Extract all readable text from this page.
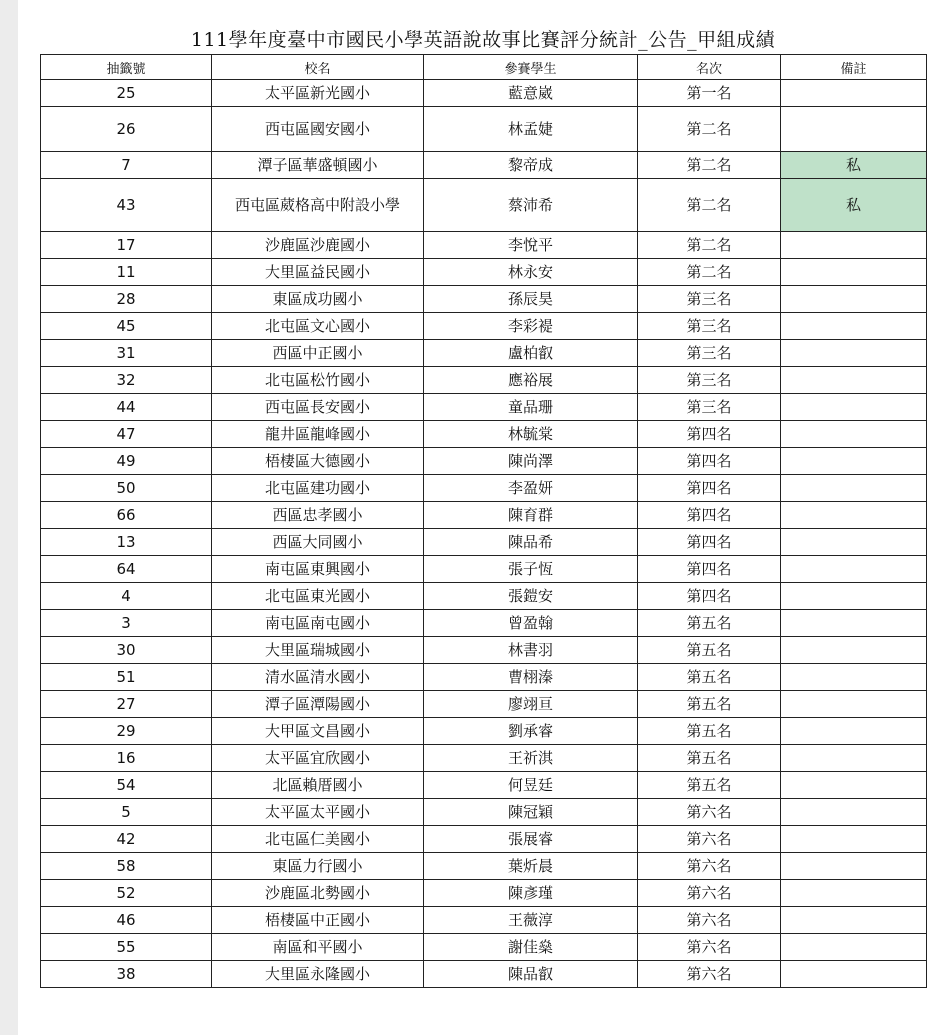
111學年度臺中市國民小學英語說故事比賽評分統計_公告_甲組成績
抽籤號	校名	參賽學生	名次	備註
25	太平區新光國小	藍意崴	第一名	
26	西屯區國安國小	林孟婕	第二名	
7	潭子區華盛頓國小	黎帝成	第二名	私
43	西屯區葳格高中附設小學	蔡沛希	第二名	私
17	沙鹿區沙鹿國小	李悅平	第二名	
11	大里區益民國小	林永安	第二名	
28	東區成功國小	孫辰昊	第三名	
45	北屯區文心國小	李彩褆	第三名	
31	西區中正國小	盧柏叡	第三名	
32	北屯區松竹國小	應裕展	第三名	
44	西屯區長安國小	童品珊	第三名	
47	龍井區龍峰國小	林毓棠	第四名	
49	梧棲區大德國小	陳尚澤	第四名	
50	北屯區建功國小	李盈妍	第四名	
66	西區忠孝國小	陳育群	第四名	
13	西區大同國小	陳品希	第四名	
64	南屯區東興國小	張子恆	第四名	
4	北屯區東光國小	張鎧安	第四名	
3	南屯區南屯國小	曾盈翰	第五名	
30	大里區瑞城國小	林書羽	第五名	
51	清水區清水國小	曹栩溱	第五名	
27	潭子區潭陽國小	廖翊亘	第五名	
29	大甲區文昌國小	劉承睿	第五名	
16	太平區宜欣國小	王祈淇	第五名	
54	北區賴厝國小	何昱廷	第五名	
5	太平區太平國小	陳冠穎	第六名	
42	北屯區仁美國小	張展睿	第六名	
58	東區力行國小	葉炘晨	第六名	
52	沙鹿區北勢國小	陳彥瑾	第六名	
46	梧棲區中正國小	王薇淳	第六名	
55	南區和平國小	謝佳燊	第六名	
38	大里區永隆國小	陳品叡	第六名	
